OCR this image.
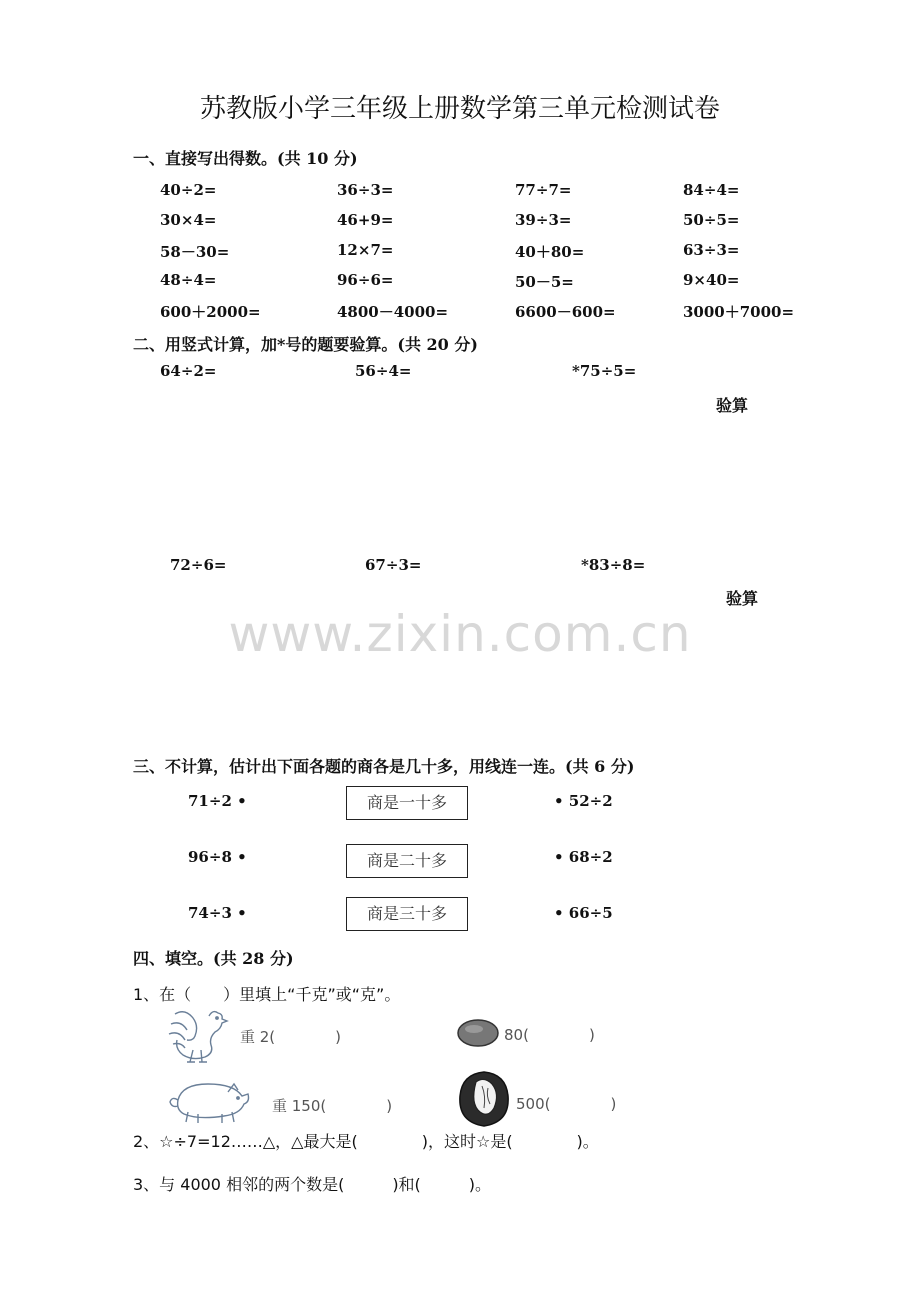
www.zixin.com.cn
苏教版小学三年级上册数学第三单元检测试卷
一、直接写出得数。(共 10 分)
40÷2=	36÷3=	77÷7=	84÷4=
30×4=	46+9=	39÷3=	50÷5=
58－30=	12×7=	40＋80=	63÷3=
48÷4=	96÷6=	50－5=	9×40=
600＋2000=	4800－4000=	6600－600=	3000＋7000=
二、用竖式计算，加*号的题要验算。(共 20 分)
64÷2=	56÷4=	*75÷5=
验算
72÷6=	67÷3=	*83÷8=
验算
三、不计算，估计出下面各题的商各是几十多，用线连一连。(共 6 分)
71÷2 •
96÷8 •
74÷3 •
商是一十多
商是二十多
商是三十多
• 52÷2
• 68÷2
• 66÷5
四、填空。(共 28 分)
1、在（　　）里填上“千克”或“克”。
重 2(　　　　)	80(　　　　)
重 150(　　　　)	500(　　　　)
2、☆÷7=12……△，△最大是(　　　　)，这时☆是(　　　　)。
3、与 4000 相邻的两个数是(　　　)和(　　　)。
